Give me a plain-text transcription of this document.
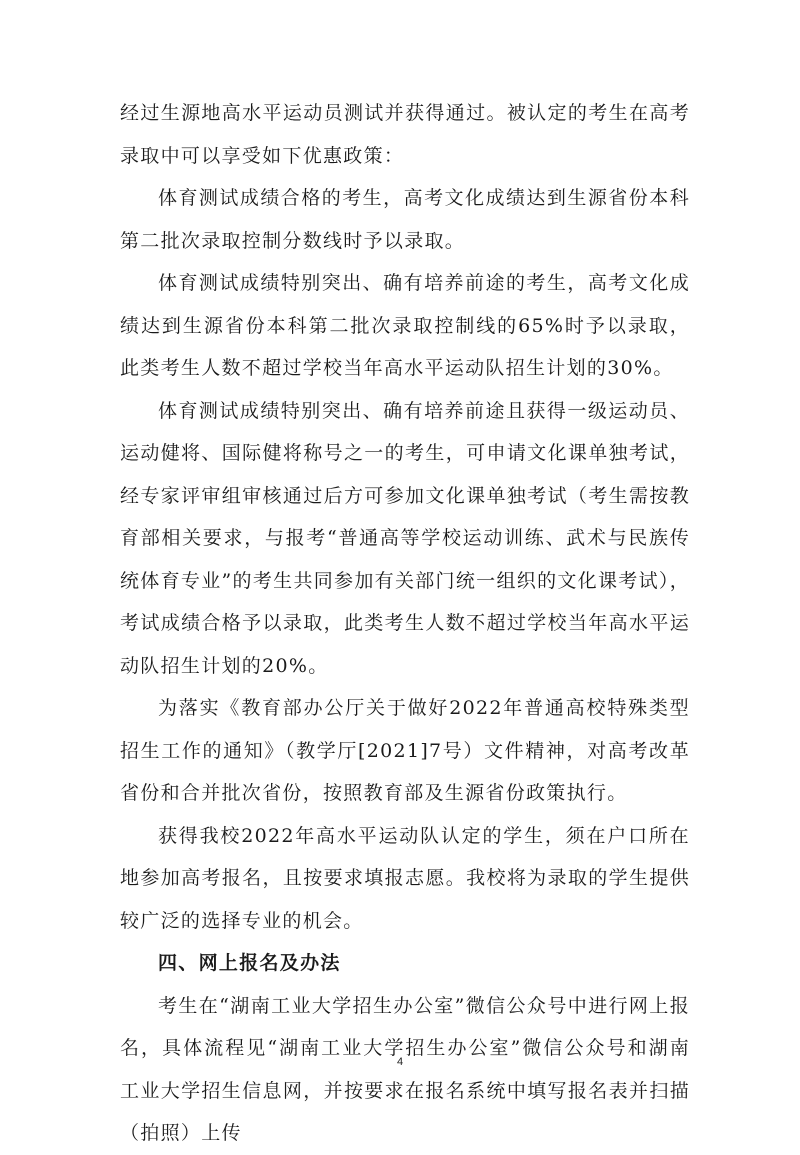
经过生源地高水平运动员测试并获得通过。被认定的考生在高考录取中可以享受如下优惠政策：

体育测试成绩合格的考生，高考文化成绩达到生源省份本科第二批次录取控制分数线时予以录取。

体育测试成绩特别突出、确有培养前途的考生，高考文化成绩达到生源省份本科第二批次录取控制线的65%时予以录取，此类考生人数不超过学校当年高水平运动队招生计划的30%。

体育测试成绩特别突出、确有培养前途且获得一级运动员、运动健将、国际健将称号之一的考生，可申请文化课单独考试，经专家评审组审核通过后方可参加文化课单独考试（考生需按教育部相关要求，与报考“普通高等学校运动训练、武术与民族传统体育专业”的考生共同参加有关部门统一组织的文化课考试），考试成绩合格予以录取，此类考生人数不超过学校当年高水平运动队招生计划的20%。

为落实《教育部办公厅关于做好2022年普通高校特殊类型招生工作的通知》（教学厅[2021]7号）文件精神，对高考改革省份和合并批次省份，按照教育部及生源省份政策执行。

获得我校2022年高水平运动队认定的学生，须在户口所在地参加高考报名，且按要求填报志愿。我校将为录取的学生提供较广泛的选择专业的机会。

四、网上报名及办法

考生在“湖南工业大学招生办公室”微信公众号中进行网上报名，具体流程见“湖南工业大学招生办公室”微信公众号和湖南工业大学招生信息网，并按要求在报名系统中填写报名表并扫描（拍照）上传

4
